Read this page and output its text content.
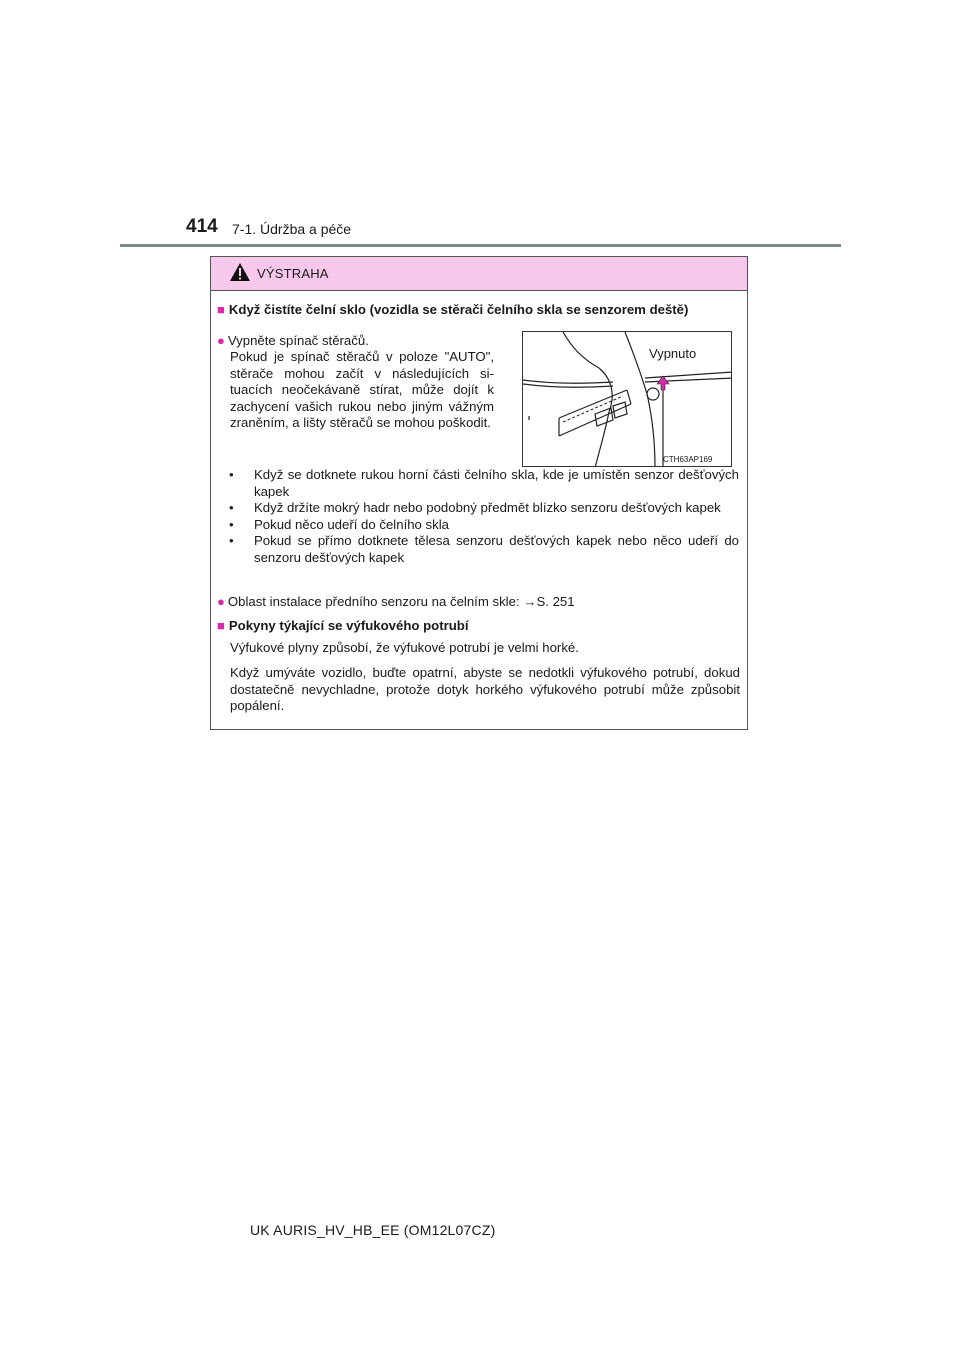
414 7-1. Údržba a péče
VÝSTRAHA
■ Když čistíte čelní sklo (vozidla se stěrači čelního skla se senzorem deště)
● Vypněte spínač stěračů.
Pokud je spínač stěračů v poloze "AUTO", stěrače mohou začít v následujících situacích neočekávaně stírat, může dojít k zachycení vašich rukou nebo jiným vážným zraněním, a lišty stěračů se mohou poškodit.
Vypnuto
CTH63AP169
•	Když se dotknete rukou horní části čelního skla, kde je umístěn senzor dešťových kapek
•	Když držíte mokrý hadr nebo podobný předmět blízko senzoru dešťových kapek
•	Pokud něco udeří do čelního skla
•	Pokud se přímo dotknete tělesa senzoru dešťových kapek nebo něco udeří do senzoru dešťových kapek
● Oblast instalace předního senzoru na čelním skle: →S. 251
■ Pokyny týkající se výfukového potrubí
Výfukové plyny způsobí, že výfukové potrubí je velmi horké.
Když umýváte vozidlo, buďte opatrní, abyste se nedotkli výfukového potrubí, dokud dostatečně nevychladne, protože dotyk horkého výfukového potrubí může způsobit popálení.
UK AURIS_HV_HB_EE (OM12L07CZ)
